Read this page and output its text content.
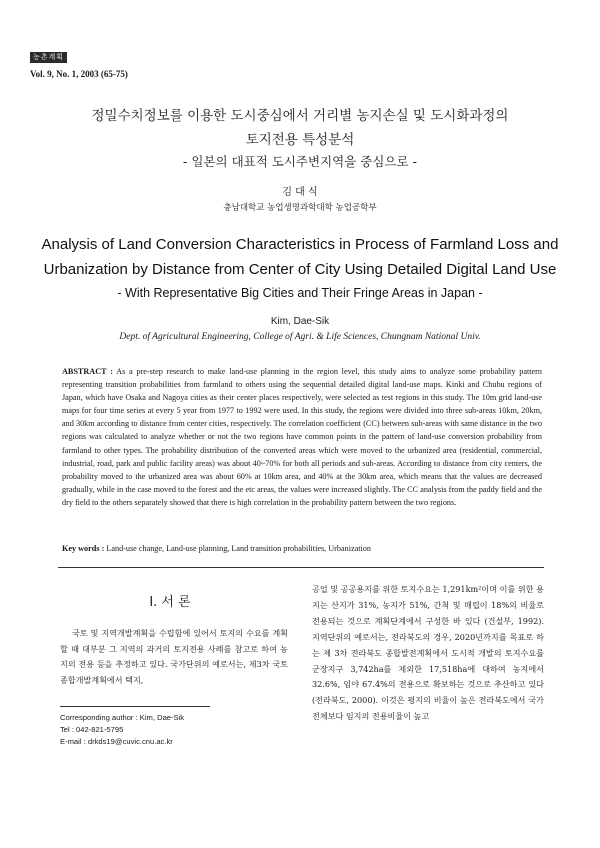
농촌계획
Vol. 9, No. 1, 2003 (65-75)
정밀수치정보를 이용한 도시중심에서 거리별 농지손실 및 도시화과정의
토지전용 특성분석
- 일본의 대표적 도시주변지역을 중심으로 -
김 대 식
충남대학교 농업생명과학대학 농업공학부
Analysis of Land Conversion Characteristics in Process of Farmland Loss and
Urbanization by Distance from Center of City Using Detailed Digital Land Use
- With Representative Big Cities and Their Fringe Areas in Japan -
Kim, Dae-Sik
Dept. of Agricultural Engineering, College of Agri. & Life Sciences, Chungnam National Univ.
ABSTRACT : As a pre-step research to make land-use planning in the region level, this study aims to analyze some probability pattern representing transition probabilities from farmland to others using the sequential detailed digital land-use maps. Kinki and Chubu regions of Japan, which have Osaka and Nagoya cities as their center places respectively, were selected as test regions in this study. The 10m grid land-use maps for four time series at every 5 year from 1977 to 1992 were used. In this study, the regions were divided into three sub-areas 10km, 20km, and 30km according to distance from center cities, respectively. The correlation coefficient (CC) between sub-areas with same distance in the two regions was calculated to analyze whether or not the two regions have common points in the pattern of land-use conversion probability from farmland to other types. The probability distribution of the converted areas which were moved to the urbanized area (residential, commercial, industrial, road, park and public facility areas) was about 40~70% for both all periods and sub-areas. According to distance from city centers, the probability moved to the urbanized area was about 60% at 10km area, and 40% at the 30km area, which means that the values are decreased gradually, while in the case moved to the forest and the etc areas, the values were increased slightly. The CC analysis from the paddy field and the dry field to the others separately showed that there is high correlation in the probability pattern between the two regions.
Key words : Land-use change, Land-use planning, Land transition probabilities, Urbanization
I. 서 론

국토 및 지역개발계획을 수립함에 있어서 토지의 수요를 계획할 때 대부분 그 지역의 과거의 토지전용 사례를 참고로 하여 농지의 전용 등을 추정하고 있다. 국가단위의 예로서는, 제3차 국토종합개발계획에서 택지,

공업 및 공공용지를 위한 토지수요는 1,291km²이며 이를 위한 용지는 산지가 31%, 농지가 51%, 간척 및 매립이 18%의 비율로 전용되는 것으로 계획단계에서 구성한 바 있다 (건설부, 1992). 지역단위의 예로서는, 전라북도의 경우, 2020년까지를 목표로 하는 제 3차 전라북도 종합발전계획에서 도시적 개발의 토지수요를 군장지구 3,742ha를 제외한 17,518ha에 대하여 농지에서 32.6%, 임야 67.4%의 전용으로 확보하는 것으로 추산하고 있다(전라북도, 2000). 이것은 평지의 비율이 높은 전라북도에서 국가전체보다 임지의 전용비율이 높고

Corresponding author : Kim, Dae-Sik
Tel : 042-821-5795
E-mail : drkds19@cuvic.cnu.ac.kr
